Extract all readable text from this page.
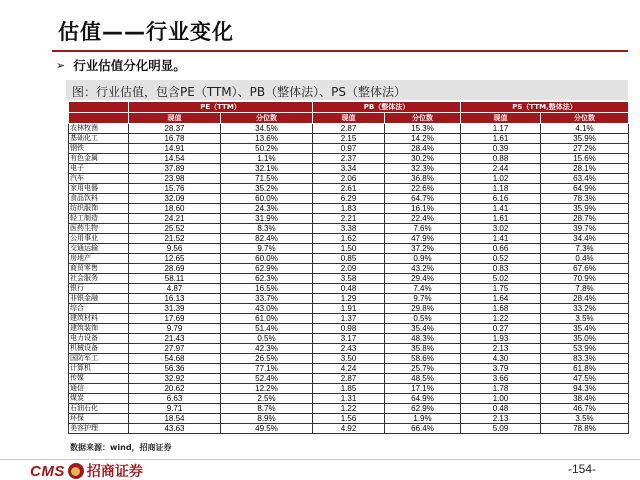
估值——行业变化
➢ 行业估值分化明显。
图：行业估值，包含PE（TTM）、PB（整体法）、PS（整体法）
	PE（TTM）		PB（整体法）		PS（TTM,整体法）	
	现值	分位数	现值	分位数	现值	分位数
农林牧渔	28.37	34.5%	2.87	15.3%	1.17	4.1%
基础化工	16.78	13.6%	2.15	14.2%	1.61	35.9%
钢铁	14.91	50.2%	0.97	28.4%	0.39	27.2%
有色金属	14.54	1.1%	2.37	30.2%	0.88	15.6%
电子	37.89	32.1%	3.34	32.3%	2.44	28.1%
汽车	23.98	71.5%	2.06	36.8%	1.02	63.4%
家用电器	15.76	35.2%	2.61	22.6%	1.18	64.9%
食品饮料	32.09	60.0%	6.29	64.7%	6.16	78.3%
纺织服饰	18.60	24.3%	1.83	16.1%	1.41	35.9%
轻工制造	24.21	31.9%	2.21	22.4%	1.61	28.7%
医药生物	25.52	8.3%	3.38	7.6%	3.02	39.7%
公用事业	21.52	82.4%	1.62	47.9%	1.41	34.4%
交通运输	9.56	9.7%	1.50	37.2%	0.66	7.3%
房地产	12.65	60.0%	0.85	0.9%	0.52	0.4%
商贸零售	28.69	62.9%	2.09	43.2%	0.83	67.6%
社会服务	58.11	62.3%	3.58	29.4%	5.02	70.9%
银行	4.87	16.5%	0.48	7.4%	1.75	7.8%
非银金融	16.13	33.7%	1.29	9.7%	1.64	28.4%
综合	31.39	43.0%	1.91	29.8%	1.68	33.2%
建筑材料	17.69	61.0%	1.37	0.5%	1.22	3.5%
建筑装饰	9.79	51.4%	0.98	35.4%	0.27	35.4%
电力设备	21.43	0.5%	3.17	48.3%	1.93	35.0%
机械设备	27.97	42.3%	2.43	35.8%	2.13	53.9%
国防军工	54.68	26.5%	3.50	58.6%	4.30	83.3%
计算机	56.36	77.1%	4.24	25.7%	3.79	61.8%
传媒	32.92	52.4%	2.87	48.5%	3.66	47.5%
通信	20.62	12.2%	1.85	17.1%	1.78	94.3%
煤炭	6.63	2.5%	1.31	64.9%	1.00	38.4%
石油石化	9.71	8.7%	1.22	62.9%	0.48	46.7%
环保	18.54	8.9%	1.56	1.9%	2.13	3.5%
美容护理	43.63	49.5%	4.92	66.4%	5.09	78.8%
数据来源：wind，招商证券
CMS 招商证券	-154-
